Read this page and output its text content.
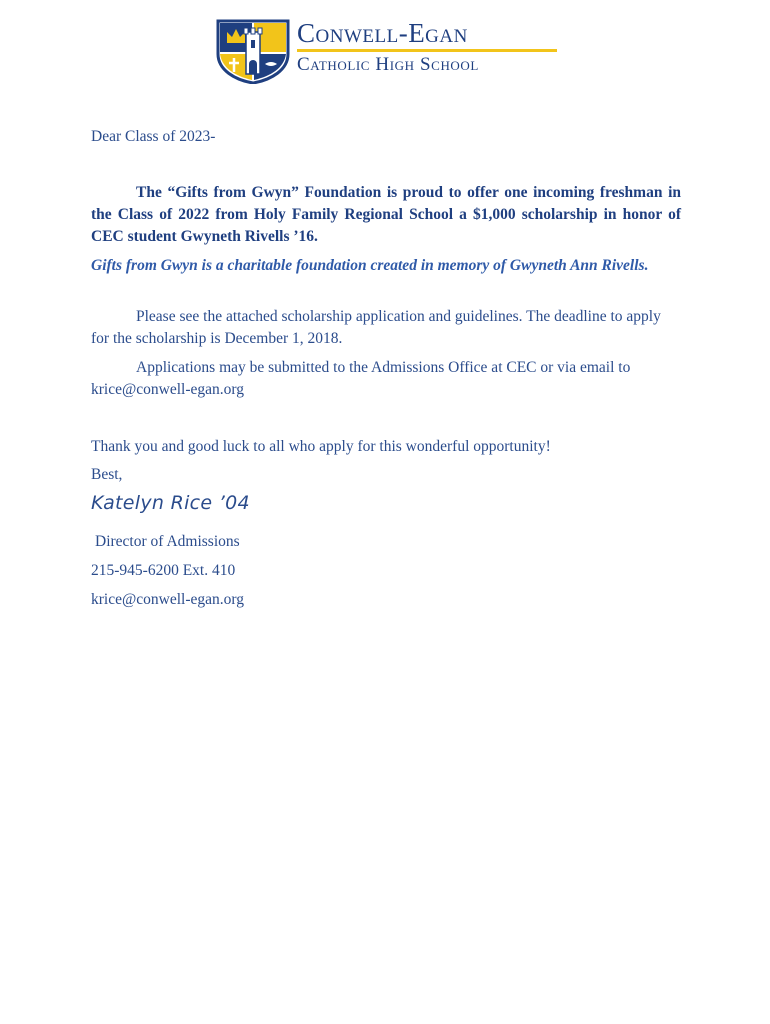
Conwell-Egan
Catholic High School
Dear Class of 2023-
The “Gifts from Gwyn” Foundation is proud to offer one incoming freshman in the Class of 2022 from Holy Family Regional School a $1,000 scholarship in honor of CEC student Gwyneth Rivells ’16.
Gifts from Gwyn is a charitable foundation created in memory of Gwyneth Ann Rivells.
Please see the attached scholarship application and guidelines. The deadline to apply for the scholarship is December 1, 2018.
Applications may be submitted to the Admissions Office at CEC or via email to krice@conwell-egan.org
Thank you and good luck to all who apply for this wonderful opportunity!
Best,
Katelyn Rice ’04
Director of Admissions
215-945-6200 Ext. 410
krice@conwell-egan.org
